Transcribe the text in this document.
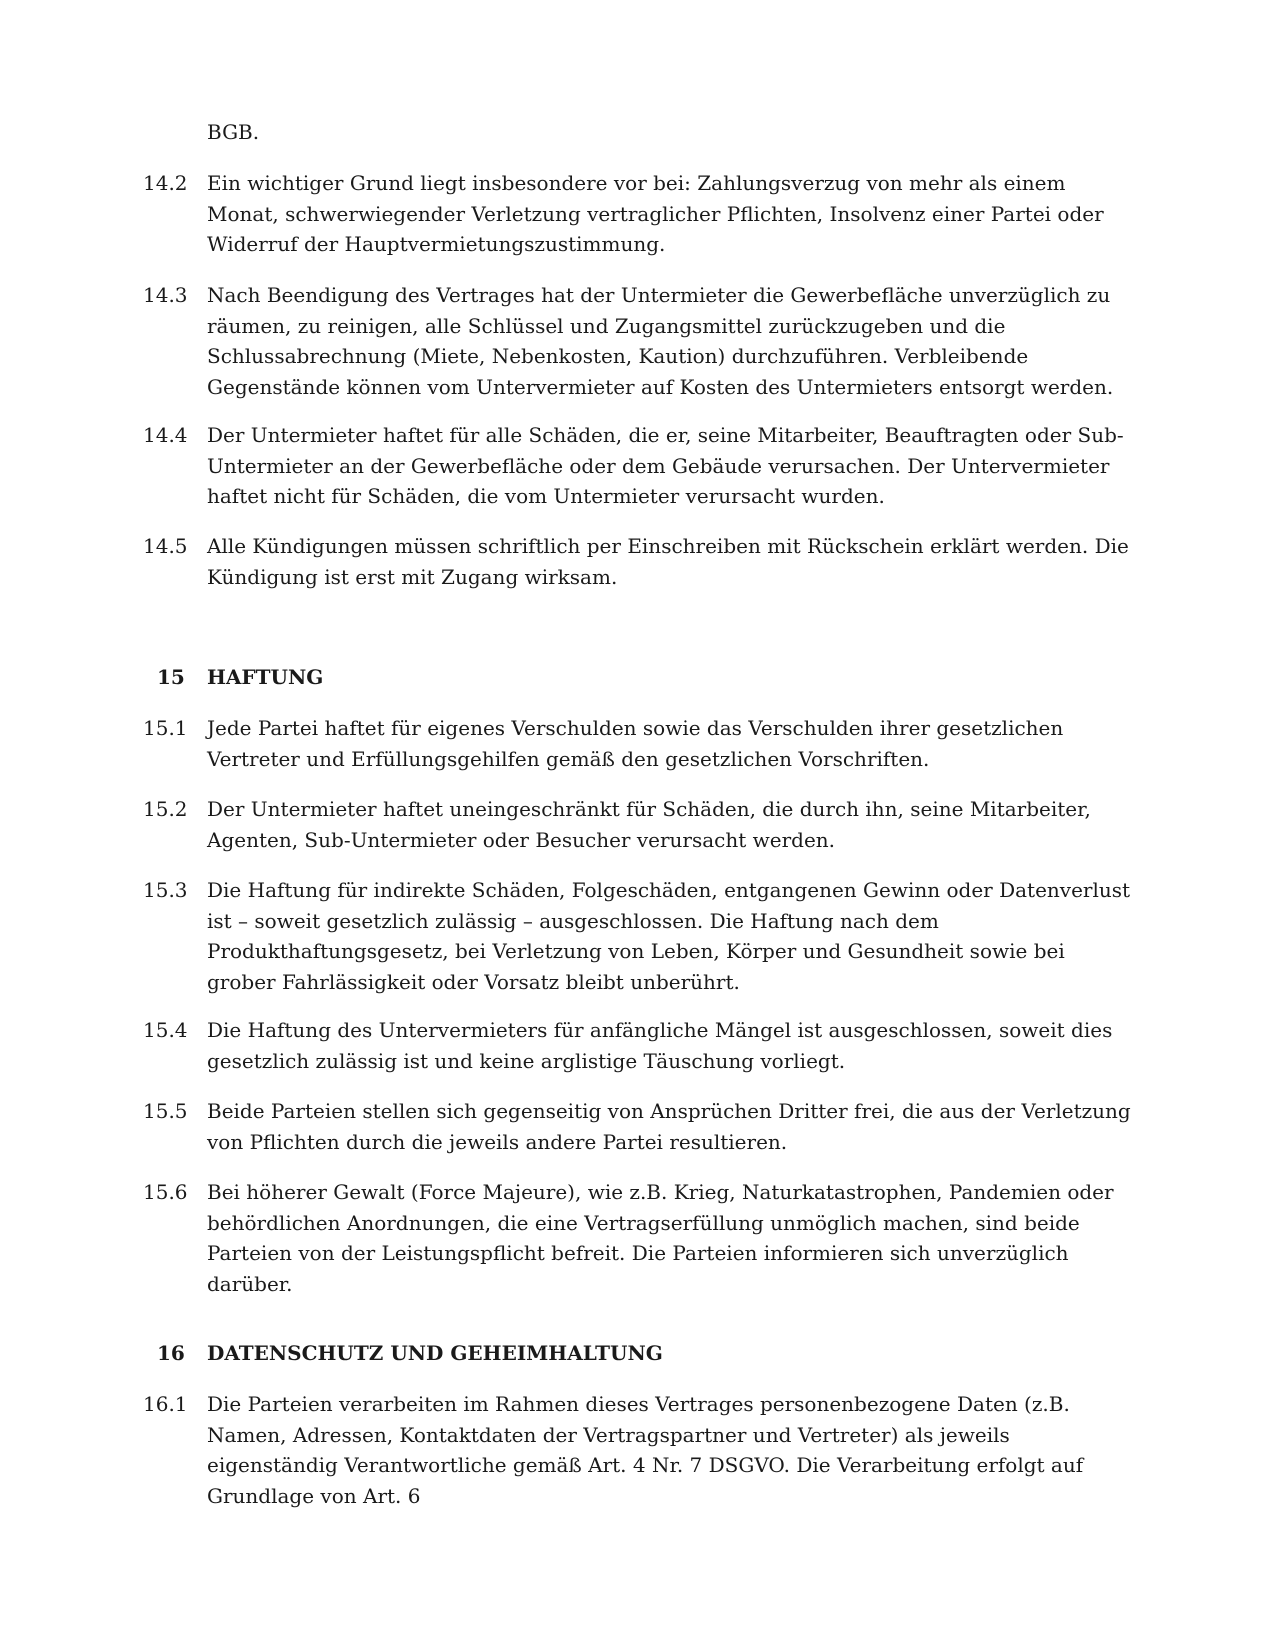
BGB.
14.2 Ein wichtiger Grund liegt insbesondere vor bei: Zahlungsverzug von mehr als einem Monat, schwerwiegender Verletzung vertraglicher Pflichten, Insolvenz einer Partei oder Widerruf der Hauptvermietungszustimmung.
14.3 Nach Beendigung des Vertrages hat der Untermieter die Gewerbefläche unverzüglich zu räumen, zu reinigen, alle Schlüssel und Zugangsmittel zurückzugeben und die Schlussabrechnung (Miete, Nebenkosten, Kaution) durchzuführen. Verbleibende Gegenstände können vom Untervermieter auf Kosten des Untermieters entsorgt werden.
14.4 Der Untermieter haftet für alle Schäden, die er, seine Mitarbeiter, Beauftragten oder Sub-Untermieter an der Gewerbefläche oder dem Gebäude verursachen. Der Untervermieter haftet nicht für Schäden, die vom Untermieter verursacht wurden.
14.5 Alle Kündigungen müssen schriftlich per Einschreiben mit Rückschein erklärt werden. Die Kündigung ist erst mit Zugang wirksam.
15 HAFTUNG
15.1 Jede Partei haftet für eigenes Verschulden sowie das Verschulden ihrer gesetzlichen Vertreter und Erfüllungsgehilfen gemäß den gesetzlichen Vorschriften.
15.2 Der Untermieter haftet uneingeschränkt für Schäden, die durch ihn, seine Mitarbeiter, Agenten, Sub-Untermieter oder Besucher verursacht werden.
15.3 Die Haftung für indirekte Schäden, Folgeschäden, entgangenen Gewinn oder Datenverlust ist – soweit gesetzlich zulässig – ausgeschlossen. Die Haftung nach dem Produkthaftungsgesetz, bei Verletzung von Leben, Körper und Gesundheit sowie bei grober Fahrlässigkeit oder Vorsatz bleibt unberührt.
15.4 Die Haftung des Untervermieters für anfängliche Mängel ist ausgeschlossen, soweit dies gesetzlich zulässig ist und keine arglistige Täuschung vorliegt.
15.5 Beide Parteien stellen sich gegenseitig von Ansprüchen Dritter frei, die aus der Verletzung von Pflichten durch die jeweils andere Partei resultieren.
15.6 Bei höherer Gewalt (Force Majeure), wie z.B. Krieg, Naturkatastrophen, Pandemien oder behördlichen Anordnungen, die eine Vertragserfüllung unmöglich machen, sind beide Parteien von der Leistungspflicht befreit. Die Parteien informieren sich unverzüglich darüber.
16 DATENSCHUTZ UND GEHEIMHALTUNG
16.1 Die Parteien verarbeiten im Rahmen dieses Vertrages personenbezogene Daten (z.B. Namen, Adressen, Kontaktdaten der Vertragspartner und Vertreter) als jeweils eigenständig Verantwortliche gemäß Art. 4 Nr. 7 DSGVO. Die Verarbeitung erfolgt auf Grundlage von Art. 6
